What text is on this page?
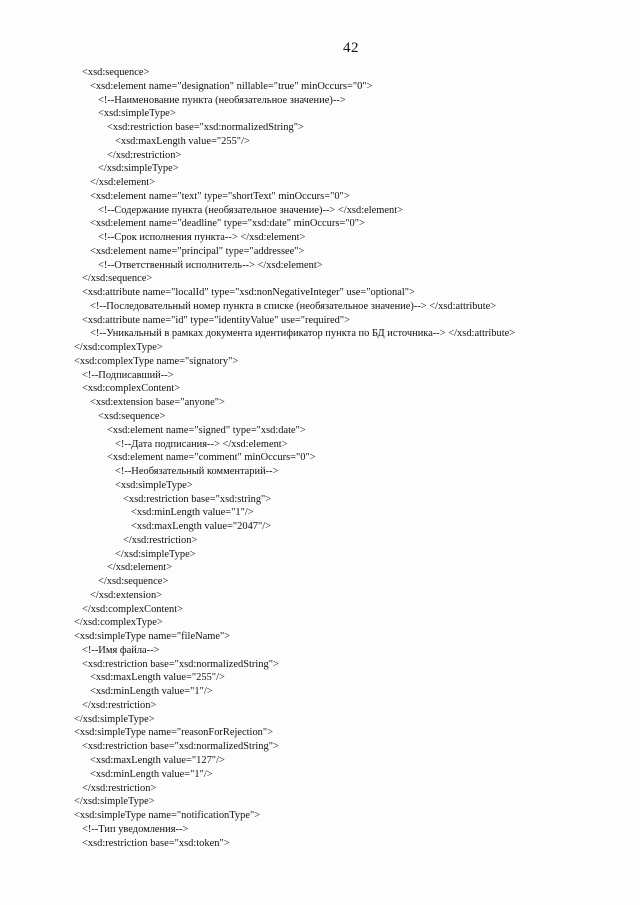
42
<xsd:sequence>
<xsd:element name="designation" nillable="true" minOccurs="0">
<!--Наименование пункта (необязательное значение)-->
<xsd:simpleType>
<xsd:restriction base="xsd:normalizedString">
<xsd:maxLength value="255"/>
</xsd:restriction>
</xsd:simpleType>
</xsd:element>
<xsd:element name="text" type="shortText" minOccurs="0">
<!--Содержание пункта (необязательное значение)--> </xsd:element>
<xsd:element name="deadline" type="xsd:date" minOccurs="0">
<!--Срок исполнения пункта--> </xsd:element>
<xsd:element name="principal" type="addressee">
<!--Ответственный исполнитель--> </xsd:element>
</xsd:sequence>
<xsd:attribute name="localId" type="xsd:nonNegativeInteger" use="optional">
<!--Последовательный номер пункта в списке (необязательное значение)--> </xsd:attribute>
<xsd:attribute name="id" type="identityValue" use="required">
<!--Уникальный в рамках документа идентификатор пункта по БД источника--> </xsd:attribute>
</xsd:complexType>
<xsd:complexType name="signatory">
<!--Подписавший-->
<xsd:complexContent>
<xsd:extension base="anyone">
<xsd:sequence>
<xsd:element name="signed" type="xsd:date">
<!--Дата подписания--> </xsd:element>
<xsd:element name="comment" minOccurs="0">
<!--Необязательный комментарий-->
<xsd:simpleType>
<xsd:restriction base="xsd:string">
<xsd:minLength value="1"/>
<xsd:maxLength value="2047"/>
</xsd:restriction>
</xsd:simpleType>
</xsd:element>
</xsd:sequence>
</xsd:extension>
</xsd:complexContent>
</xsd:complexType>
<xsd:simpleType name="fileName">
<!--Имя файла-->
<xsd:restriction base="xsd:normalizedString">
<xsd:maxLength value="255"/>
<xsd:minLength value="1"/>
</xsd:restriction>
</xsd:simpleType>
<xsd:simpleType name="reasonForRejection">
<xsd:restriction base="xsd:normalizedString">
<xsd:maxLength value="127"/>
<xsd:minLength value="1"/>
</xsd:restriction>
</xsd:simpleType>
<xsd:simpleType name="notificationType">
<!--Тип уведомления-->
<xsd:restriction base="xsd:token">
